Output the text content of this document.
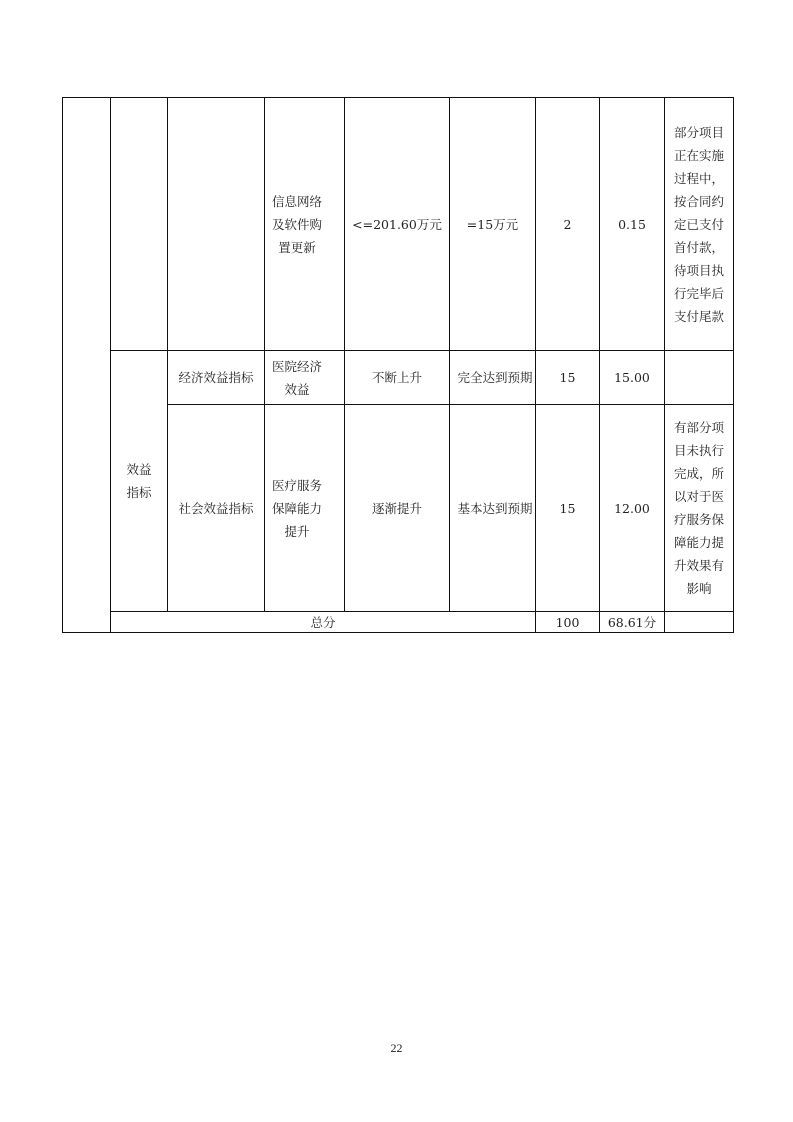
			信息网络及软件购置更新	<=201.60万元	=15万元	2	0.15	部分项目正在实施过程中，按合同约定已支付首付款，待项目执行完毕后支付尾款

	效益指标	经济效益指标	医院经济效益	不断上升	完全达到预期	15	15.00	

		社会效益指标	医疗服务保障能力提升	逐渐提升	基本达到预期	15	12.00	有部分项目未执行完成，所以对于医疗服务保障能力提升效果有影响

	总分					100	68.61分	
22
